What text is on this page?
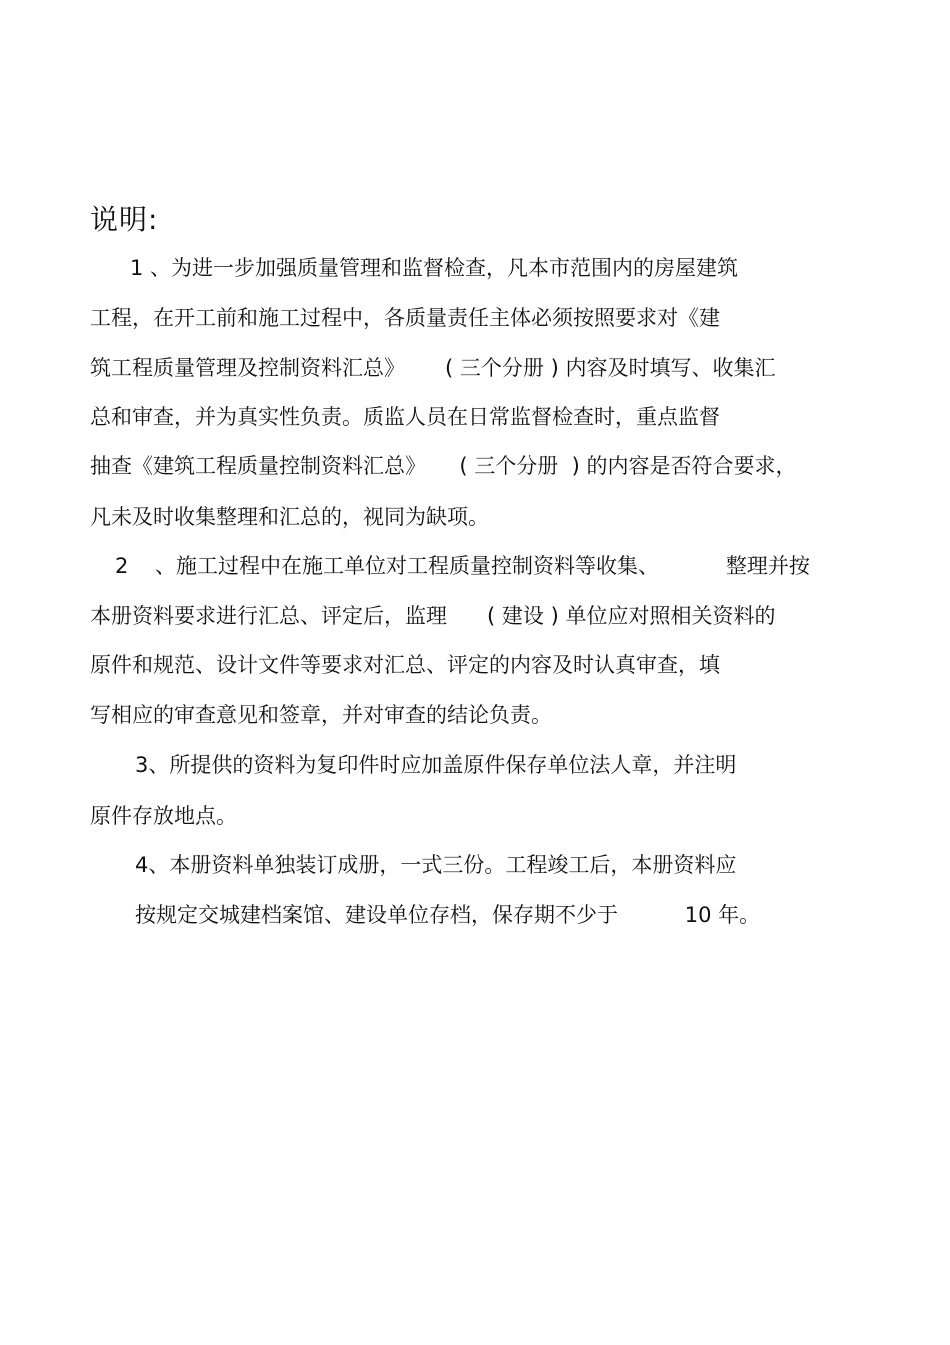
说明:
1 、为进一步加强质量管理和监督检查，凡本市范围内的房屋建筑
工程，在开工前和施工过程中，各质量责任主体必须按照要求对《建
筑工程质量管理及控制资料汇总》      ( 三个分册 ) 内容及时填写、收集汇
总和审查，并为真实性负责。质监人员在日常监督检查时，重点监督
抽查《建筑工程质量控制资料汇总》     ( 三个分册  ) 的内容是否符合要求，
凡未及时收集整理和汇总的，视同为缺项。
2    、施工过程中在施工单位对工程质量控制资料等收集、          整理并按
本册资料要求进行汇总、评定后，监理      ( 建设 ) 单位应对照相关资料的
原件和规范、设计文件等要求对汇总、评定的内容及时认真审查，填
写相应的审查意见和签章，并对审查的结论负责。
3、所提供的资料为复印件时应加盖原件保存单位法人章，并注明
原件存放地点。
4、本册资料单独装订成册，一式三份。工程竣工后，本册资料应
按规定交城建档案馆、建设单位存档，保存期不少于          10 年。
